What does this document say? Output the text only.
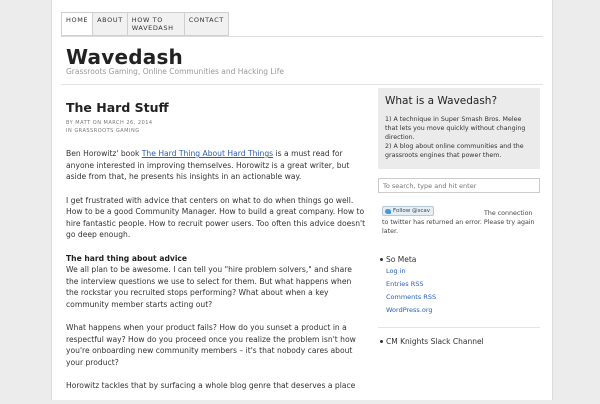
HOME	ABOUT	HOW TO WAVEDASH
CONTACT
Wavedash
Grassroots Gaming, Online Communities and Hacking Life
The Hard Stuff
BY MATT ON MARCH 26, 2014
IN GRASSROOTS GAMING

Ben Horowitz' book The Hard Thing About Hard Things is a must read for anyone interested in improving themselves. Horowitz is a great writer, but aside from that, he presents his insights in an actionable way.

I get frustrated with advice that centers on what to do when things go well. How to be a good Community Manager. How to build a great company. How to hire fantastic people. How to recruit power users. Too often this advice doesn't go deep enough.

The hard thing about advice
We all plan to be awesome. I can tell you "hire problem solvers," and share the interview questions we use to select for them. But what happens when the rockstar you recruited stops performing? What about when a key community member starts acting out?

What happens when your product fails? How do you sunset a product in a respectful way? How do you proceed once you realize the problem isn't how you're onboarding new community members – it's that nobody cares about your product?

Horowitz tackles that by surfacing a whole blog genre that deserves a place

What is a Wavedash?
1) A technique in Super Smash Bros. Melee that lets you move quickly without changing direction.
2) A blog about online communities and the grassroots engines that power them.
To search, type and hit enter
The connection to twitter has returned an error. Please try again later.
Follow @scav
So Meta
Log in
Entries RSS
Comments RSS
WordPress.org
CM Knights Slack Channel
